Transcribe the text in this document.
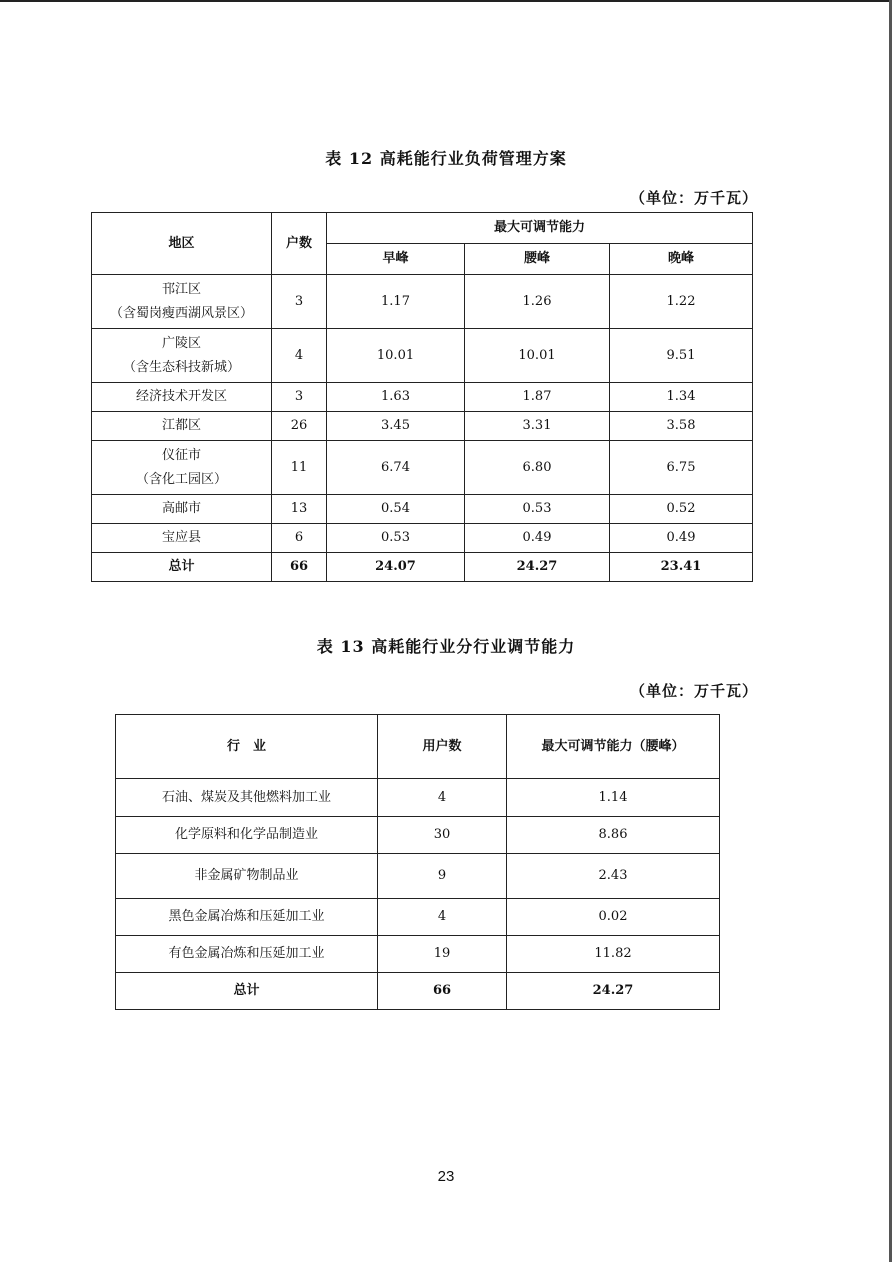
表 12 高耗能行业负荷管理方案
（单位：万千瓦）
地区	户数	最大可调节能力		
		早峰	腰峰	晚峰

邗江区
（含蜀岗瘦西湖风景区）	3	1.17	1.26	1.22

广陵区
（含生态科技新城）	4	10.01	10.01	9.51
经济技术开发区	3	1.63	1.87	1.34
江都区	26	3.45	3.31	3.58

仪征市
（含化工园区）	11	6.74	6.80	6.75
高邮市	13	0.54	0.53	0.52
宝应县	6	0.53	0.49	0.49
总计	66	24.07	24.27	23.41
表 13 高耗能行业分行业调节能力
（单位：万千瓦）
行　业	用户数	最大可调节能力（腰峰）
石油、煤炭及其他燃料加工业	4	1.14
化学原料和化学品制造业	30	8.86
非金属矿物制品业	9	2.43
黑色金属冶炼和压延加工业	4	0.02
有色金属冶炼和压延加工业	19	11.82
总计	66	24.27
23
